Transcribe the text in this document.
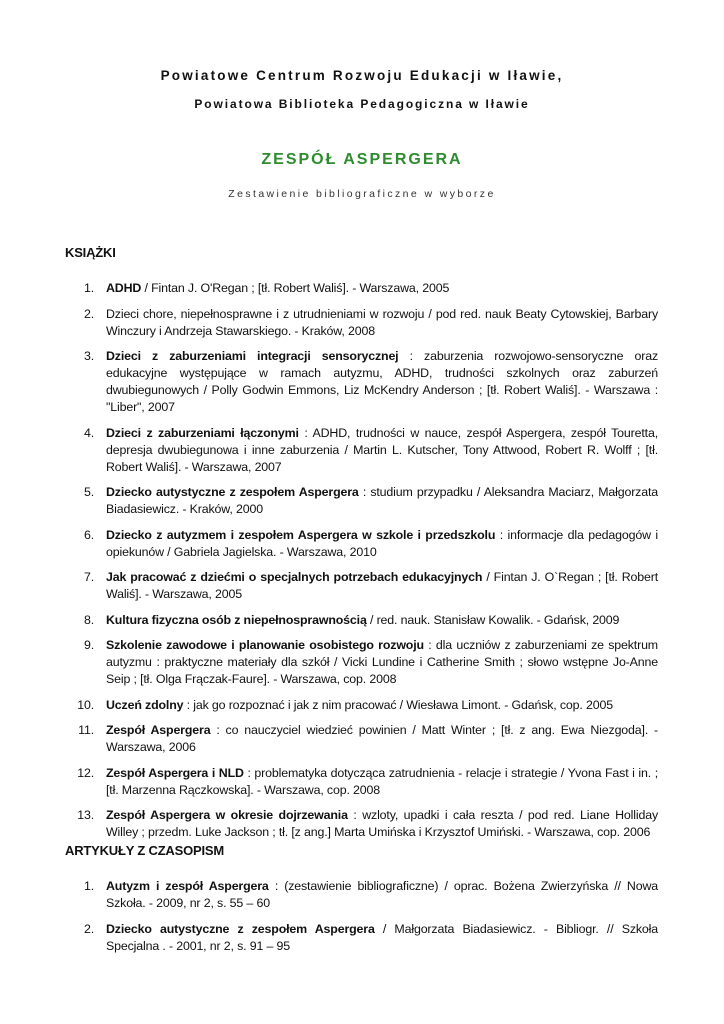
Powiatowe Centrum Rozwoju Edukacji w Iławie,
Powiatowa Biblioteka Pedagogiczna w Iławie
ZESPÓŁ ASPERGERA
Zestawienie bibliograficzne w wyborze
KSIĄŻKI
1. ADHD / Fintan J. O'Regan ; [tł. Robert Waliś]. - Warszawa, 2005
2. Dzieci chore, niepełnosprawne i z utrudnieniami w rozwoju / pod red. nauk Beaty Cytowskiej, Barbary Winczury i Andrzeja Stawarskiego. - Kraków, 2008
3. Dzieci z zaburzeniami integracji sensorycznej : zaburzenia rozwojowo-sensoryczne oraz edukacyjne występujące w ramach autyzmu, ADHD, trudności szkolnych oraz zaburzeń dwubiegunowych / Polly Godwin Emmons, Liz McKendry Anderson ; [tł. Robert Waliś]. - Warszawa : "Liber", 2007
4. Dzieci z zaburzeniami łączonymi : ADHD, trudności w nauce, zespół Aspergera, zespół Touretta, depresja dwubiegunowa i inne zaburzenia / Martin L. Kutscher, Tony Attwood, Robert R. Wolff ; [tł. Robert Waliś]. - Warszawa, 2007
5. Dziecko autystyczne z zespołem Aspergera : studium przypadku / Aleksandra Maciarz, Małgorzata Biadasiewicz. - Kraków, 2000
6. Dziecko z autyzmem i zespołem Aspergera w szkole i przedszkolu : informacje dla pedagogów i opiekunów / Gabriela Jagielska. - Warszawa, 2010
7. Jak pracować z dziećmi o specjalnych potrzebach edukacyjnych / Fintan J. O`Regan ; [tł. Robert Waliś]. - Warszawa, 2005
8. Kultura fizyczna osób z niepełnosprawnością / red. nauk. Stanisław Kowalik. - Gdańsk, 2009
9. Szkolenie zawodowe i planowanie osobistego rozwoju : dla uczniów z zaburzeniami ze spektrum autyzmu : praktyczne materiały dla szkół / Vicki Lundine i Catherine Smith ; słowo wstępne Jo-Anne Seip ; [tł. Olga Frączak-Faure]. - Warszawa, cop. 2008
10. Uczeń zdolny : jak go rozpoznać i jak z nim pracować / Wiesława Limont. - Gdańsk, cop. 2005
11. Zespół Aspergera : co nauczyciel wiedzieć powinien / Matt Winter ; [tł. z ang. Ewa Niezgoda]. - Warszawa, 2006
12. Zespół Aspergera i NLD : problematyka dotycząca zatrudnienia - relacje i strategie / Yvona Fast i in. ; [tł. Marzenna Rączkowska]. - Warszawa, cop. 2008
13. Zespół Aspergera w okresie dojrzewania : wzloty, upadki i cała reszta / pod red. Liane Holliday Willey ; przedm. Luke Jackson ; tł. [z ang.] Marta Umińska i Krzysztof Umiński. - Warszawa, cop. 2006
ARTYKUŁY Z CZASOPISM
1. Autyzm i zespół Aspergera : (zestawienie bibliograficzne) / oprac. Bożena Zwierzyńska // Nowa Szkoła. - 2009, nr 2, s. 55 – 60
2. Dziecko autystyczne z zespołem Aspergera / Małgorzata Biadasiewicz. - Bibliogr. // Szkoła Specjalna . - 2001, nr 2, s. 91 – 95
